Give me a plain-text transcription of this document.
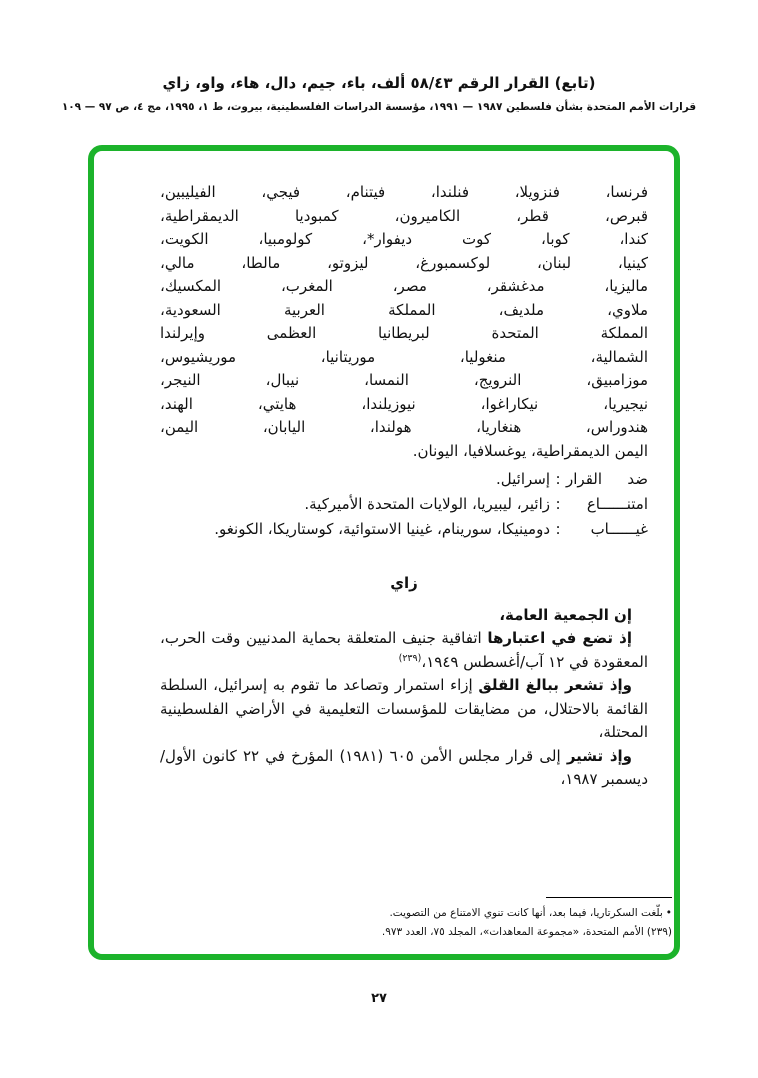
(تابع) القرار الرقم ٥٨/٤٣ ألف، باء، جيم، دال، هاء، واو، زاي
قرارات الأمم المتحدة بشأن فلسطين ١٩٨٧ — ١٩٩١، مؤسسة الدراسات الفلسطينية، بيروت، ط ١، ١٩٩٥، مج ٤، ص ٩٧ — ١٠٩
فرنسا، فنزويلا، فنلندا، فيتنام، فيجي، الفيليبين،
قبرص، قطر، الكاميرون، كمبوديا الديمقراطية،
كندا، كوبا، كوت ديفوار*، كولومبيا، الكويت،
كينيا، لبنان، لوكسمبورغ، ليزوتو، مالطا، مالي،
ماليزيا، مدغشقر، مصر، المغرب، المكسيك،
ملاوي، ملديف، المملكة العربية السعودية،
المملكة المتحدة لبريطانيا العظمى وإيرلندا
الشمالية، منغوليا، موريتانيا، موريشيوس،
موزامبيق، النرويج، النمسا، نيبال، النيجر،
نيجيريا، نيكاراغوا، نيوزيلندا، هايتي، الهند،
هندوراس، هنغاريا، هولندا، اليابان، اليمن،
اليمن الديمقراطية، يوغسلافيا، اليونان.
ضد القرار
:
إسرائيل.
امتنــــــاع
:
زائير، ليبيريا، الولايات المتحدة الأميركية.
غيــــــاب
:
دومينيكا، سورينام، غينيا الاستوائية، كوستاريكا، الكونغو.
زاي
إن الجمعية العامة،

إذ تضع في اعتبارها اتفاقية جنيف المتعلقة بحماية المدنيين وقت الحرب، المعقودة في ١٢ آب/أغسطس ١٩٤٩،$^{(٢٣٩)}$

وإذ تشعر ببالغ القلق إزاء استمرار وتصاعد ما تقوم به إسرائيل، السلطة القائمة بالاحتلال، من مضايقات للمؤسسات التعليمية في الأراضي الفلسطينية المحتلة،

وإذ تشير إلى قرار مجلس الأمن ٦٠٥ (١٩٨١) المؤرخ في ٢٢ كانون الأول/ديسمبر ١٩٨٧،

•بلّغت السكرتاريا، فيما بعد، أنها كانت تنوي الامتناع من التصويت.
(٢٣٩)الأمم المتحدة، «مجموعة المعاهدات»، المجلد ٧٥، العدد ٩٧٣.
٢٧
